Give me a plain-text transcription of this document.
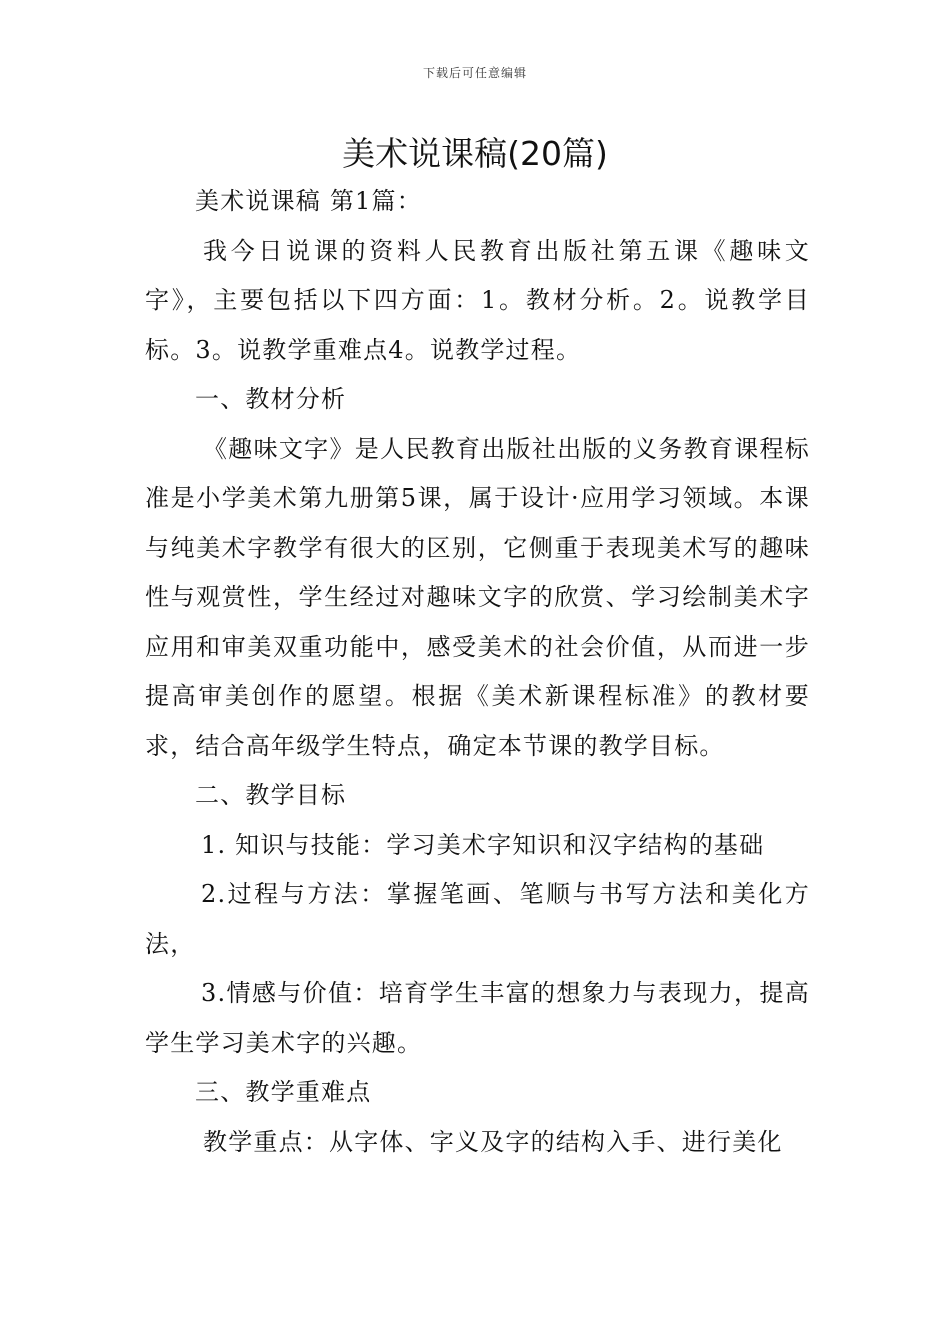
下载后可任意编辑
美术说课稿(20篇)

美术说课稿 第1篇：

我今日说课的资料人民教育出版社第五课《趣味文字》，主要包括以下四方面：1。教材分析。2。说教学目标。3。说教学重难点4。说教学过程。

一、教材分析

《趣味文字》是人民教育出版社出版的义务教育课程标准是小学美术第九册第5课，属于设计·应用学习领域。本课与纯美术字教学有很大的区别，它侧重于表现美术写的趣味性与观赏性，学生经过对趣味文字的欣赏、学习绘制美术字应用和审美双重功能中，感受美术的社会价值，从而进一步提高审美创作的愿望。根据《美术新课程标准》的教材要求，结合高年级学生特点，确定本节课的教学目标。

二、教学目标

1. 知识与技能：学习美术字知识和汉字结构的基础

2.过程与方法：掌握笔画、笔顺与书写方法和美化方法，

3.情感与价值：培育学生丰富的想象力与表现力，提高学生学习美术字的兴趣。

三、教学重难点

教学重点：从字体、字义及字的结构入手、进行美化
